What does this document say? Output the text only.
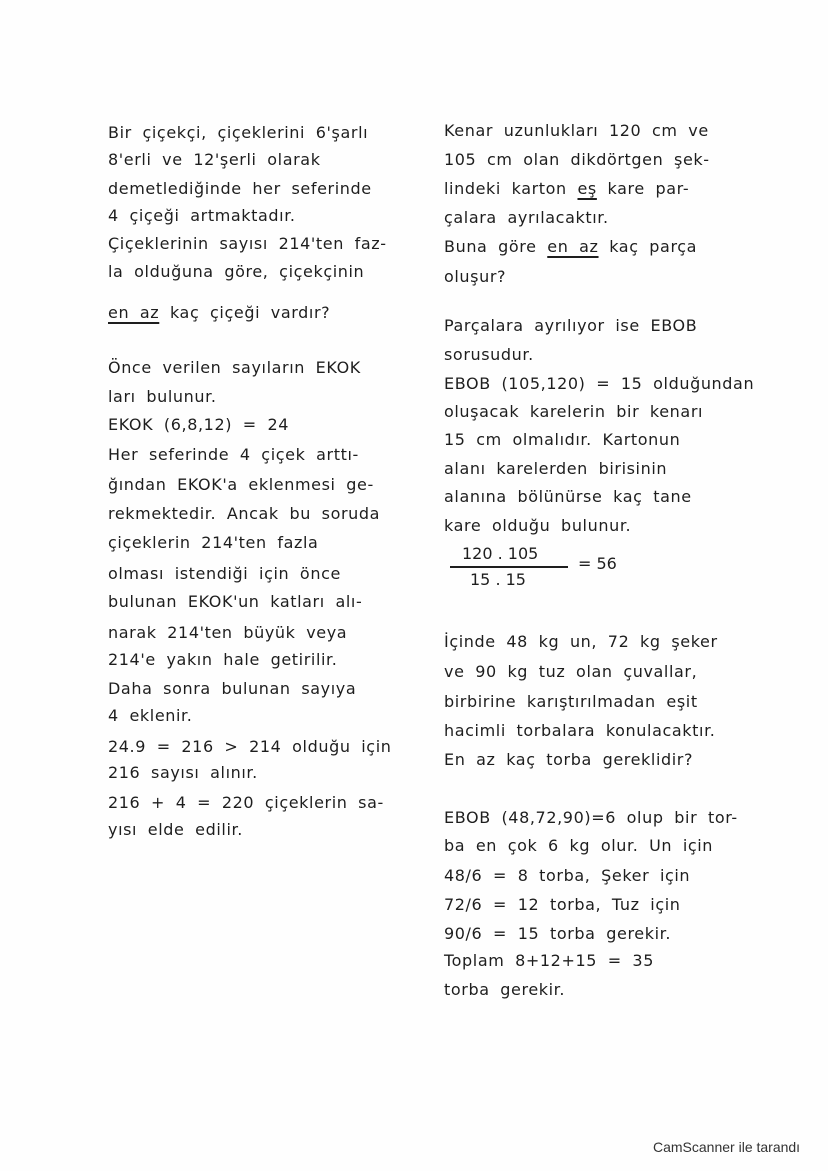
120 . 105
15 . 15
= 56
CamScanner ile tarandı
Bir çiçekçi, çiçeklerini 6'şarlı
8'erli ve 12'şerli olarak
demetlediğinde her seferinde
4 çiçeği artmaktadır.
Çiçeklerinin sayısı 214'ten faz-
la olduğuna göre, çiçekçinin
en az kaç çiçeği vardır?
Önce verilen sayıların EKOK
ları bulunur.
EKOK (6,8,12) = 24
Her seferinde 4 çiçek arttı-
ğından EKOK'a eklenmesi ge-
rekmektedir. Ancak bu soruda
çiçeklerin 214'ten fazla
olması istendiği için önce
bulunan EKOK'un katları alı-
narak 214'ten büyük veya
214'e yakın hale getirilir.
Daha sonra bulunan sayıya
4 eklenir.
24.9 = 216 > 214 olduğu için
216 sayısı alınır.
216 + 4 = 220 çiçeklerin sa-
yısı elde edilir.
Kenar uzunlukları 120 cm ve
105 cm olan dikdörtgen şek-
lindeki karton eş kare par-
çalara ayrılacaktır.
Buna göre en az kaç parça
oluşur?
Parçalara ayrılıyor ise EBOB
sorusudur.
EBOB (105,120) = 15 olduğundan
oluşacak karelerin bir kenarı
15 cm olmalıdır. Kartonun
alanı karelerden birisinin
alanına bölünürse kaç tane
kare olduğu bulunur.
İçinde 48 kg un, 72 kg şeker
ve 90 kg tuz olan çuvallar,
birbirine karıştırılmadan eşit
hacimli torbalara konulacaktır.
En az kaç torba gereklidir?
EBOB (48,72,90)=6 olup bir tor-
ba en çok 6 kg olur. Un için
48/6 = 8 torba, Şeker için
72/6 = 12 torba, Tuz için
90/6 = 15 torba gerekir.
Toplam 8+12+15 = 35
torba gerekir.
